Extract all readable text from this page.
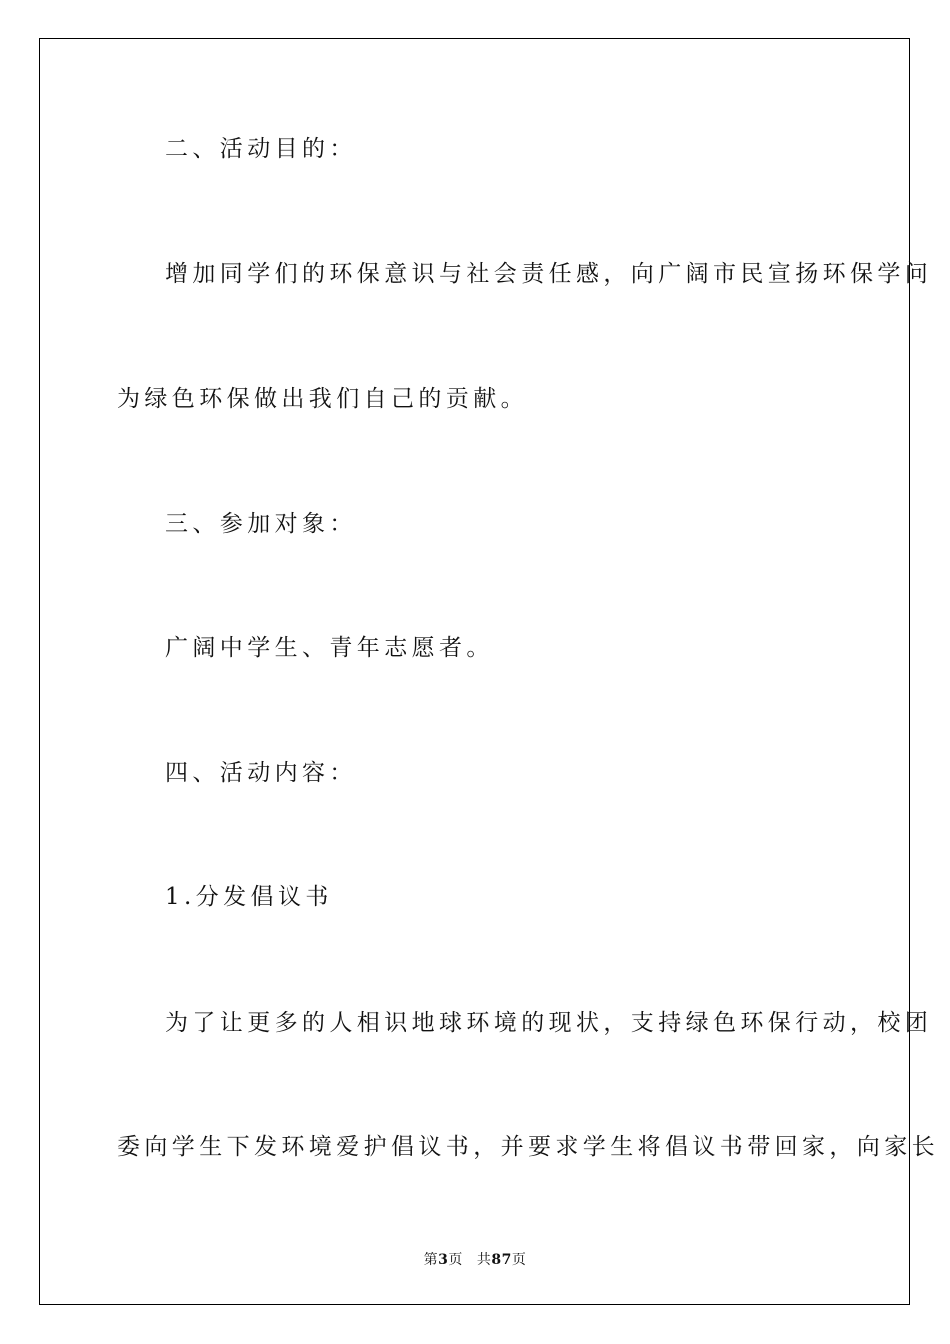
二、活动目的：
增加同学们的环保意识与社会责任感，向广阔市民宣扬环保学问
为绿色环保做出我们自己的贡献。
三、参加对象：
广阔中学生、青年志愿者。
四、活动内容：
1.分发倡议书
为了让更多的人相识地球环境的现状，支持绿色环保行动，校团
委向学生下发环境爱护倡议书，并要求学生将倡议书带回家，向家长
第3页 共87页
